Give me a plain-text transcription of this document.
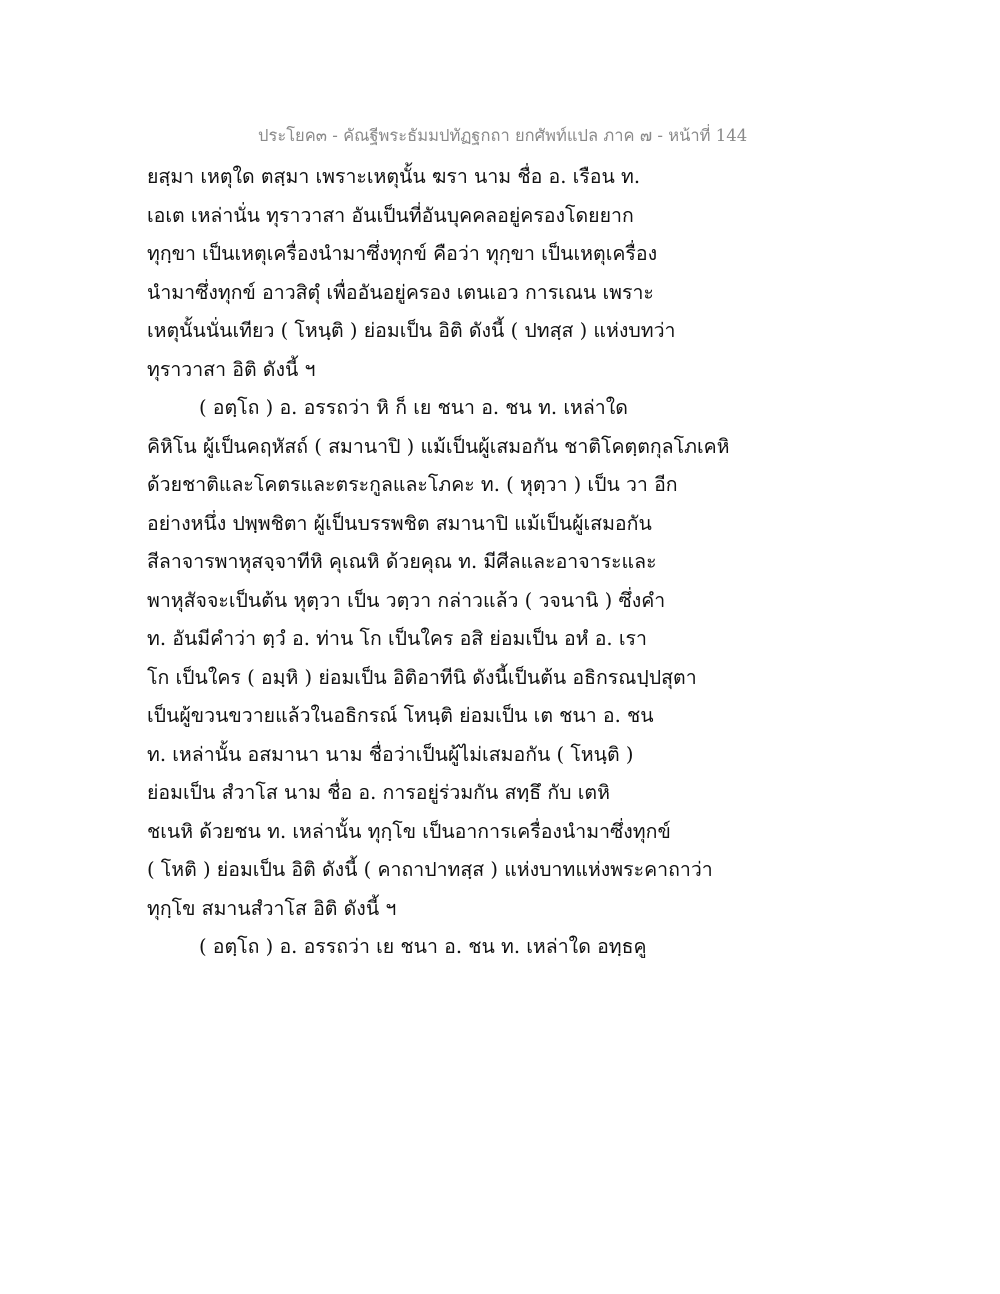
ประโยค๓ - คัณฐีพระธัมมปทัฏฐกถา ยกศัพท์แปล ภาค ๗ - หน้าที่ 144
ยสฺมา เหตุใด ตสฺมา เพราะเหตุนั้น ฆรา นาม ชื่อ อ. เรือน ท.
เอเต เหล่านั่น ทุราวาสา อันเป็นที่อันบุคคลอยู่ครองโดยยาก
ทุกฺขา เป็นเหตุเครื่องนำมาซึ่งทุกข์ คือว่า ทุกฺขา เป็นเหตุเครื่อง
นำมาซึ่งทุกข์ อาวสิตุํ เพื่ออันอยู่ครอง เตนเอว การเณน เพราะ
เหตุนั้นนั่นเทียว ( โหนฺติ ) ย่อมเป็น อิติ ดังนี้ ( ปทสฺส ) แห่งบทว่า
ทุราวาสา อิติ ดังนี้ ฯ
( อตฺโถ ) อ. อรรถว่า หิ ก็ เย ชนา อ. ชน ท. เหล่าใด
คิหิโน ผู้เป็นคฤหัสถ์ ( สมานาปิ ) แม้เป็นผู้เสมอกัน ชาติโคตฺตกุลโภเคหิ
ด้วยชาติและโคตรและตระกูลและโภคะ ท. ( หุตฺวา ) เป็น วา อีก
อย่างหนึ่ง ปพฺพชิตา ผู้เป็นบรรพชิต สมานาปิ แม้เป็นผู้เสมอกัน
สีลาจารพาหุสจฺจาทีหิ คุเณหิ ด้วยคุณ ท. มีศีลและอาจาระและ
พาหุสัจจะเป็นต้น หุตฺวา เป็น วตฺวา กล่าวแล้ว ( วจนานิ ) ซึ่งคำ
ท. อันมีคำว่า ตฺวํ อ. ท่าน โก เป็นใคร อสิ ย่อมเป็น อหํ อ. เรา
โก เป็นใคร ( อมฺหิ ) ย่อมเป็น อิติอาทีนิ ดังนี้เป็นต้น อธิกรณปฺปสุตา
เป็นผู้ขวนขวายแล้วในอธิกรณ์ โหนฺติ ย่อมเป็น เต ชนา อ. ชน
ท. เหล่านั้น อสมานา นาม ชื่อว่าเป็นผู้ไม่เสมอกัน ( โหนฺติ )
ย่อมเป็น สํวาโส นาม ชื่อ อ. การอยู่ร่วมกัน สทฺธึ กับ เตหิ
ชเนหิ ด้วยชน ท. เหล่านั้น ทุกฺโข เป็นอาการเครื่องนำมาซึ่งทุกข์
( โหติ ) ย่อมเป็น อิติ ดังนี้ ( คาถาปาทสฺส ) แห่งบาทแห่งพระคาถาว่า
ทุกฺโข สมานสํวาโส อิติ ดังนี้ ฯ
( อตฺโถ ) อ. อรรถว่า เย ชนา อ. ชน ท. เหล่าใด อทฺธคู
